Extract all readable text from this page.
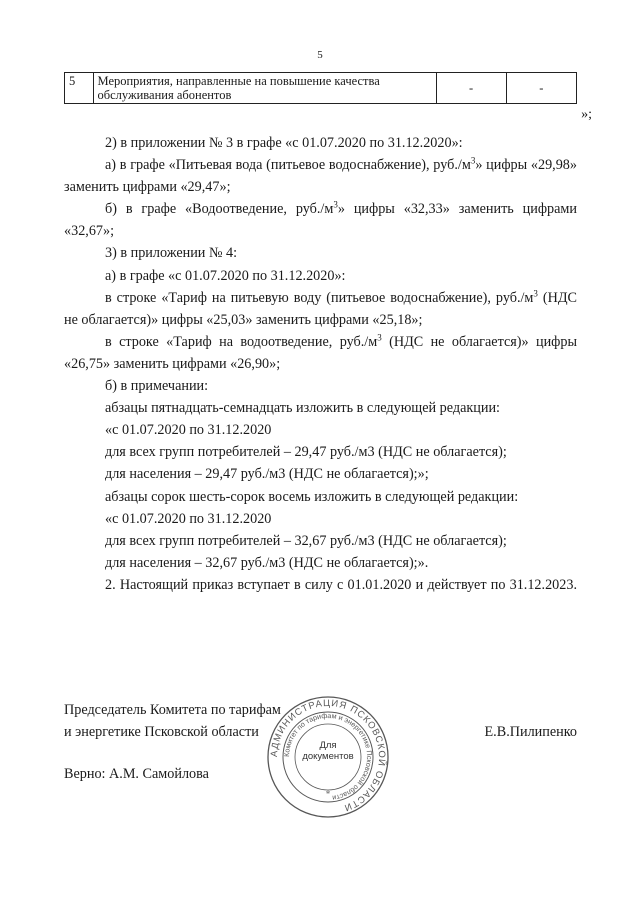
5
5	Мероприятия, направленные на повышение качества обслуживания абонентов	-	-
»;

2) в приложении № 3 в графе «с 01.07.2020 по 31.12.2020»:

а) в графе «Питьевая вода (питьевое водоснабжение), $руб./м^3$» цифры «29,98» заменить цифрами «29,47»;

б) в графе «Водоотведение, $руб./м^3$» цифры «32,33» заменить цифрами «32,67»;

3) в приложении № 4:

а) в графе «с 01.07.2020 по 31.12.2020»:

в строке «Тариф на питьевую воду (питьевое водоснабжение), $руб./м^3$ (НДС не облагается)» цифры «25,03» заменить цифрами «25,18»;

в строке «Тариф на водоотведение, $руб./м^3$ (НДС не облагается)» цифры «26,75» заменить цифрами «26,90»;

б) в примечании:

абзацы пятнадцать-семнадцать изложить в следующей редакции:

«с 01.07.2020 по 31.12.2020

для всех групп потребителей – 29,47 руб./м3 (НДС не облагается);

для населения – 29,47 руб./м3 (НДС не облагается);»;

абзацы сорок шесть-сорок восемь изложить в следующей редакции:

«с 01.07.2020 по 31.12.2020

для всех групп потребителей – 32,67 руб./м3 (НДС не облагается);

для населения – 32,67 руб./м3 (НДС не облагается);».

2. Настоящий приказ вступает в силу с 01.01.2020 и действует по 31.12.2023.

Председатель Комитета по тарифам
и энергетике Псковской области	Е.В.Пилипенко
Верно: А.М. Самойлова
АДМИНИСТРАЦИЯ ПСКОВСКОЙ ОБЛАСТИ
Комитет по тарифам и энергетике Псковской области
*
Для
документов
